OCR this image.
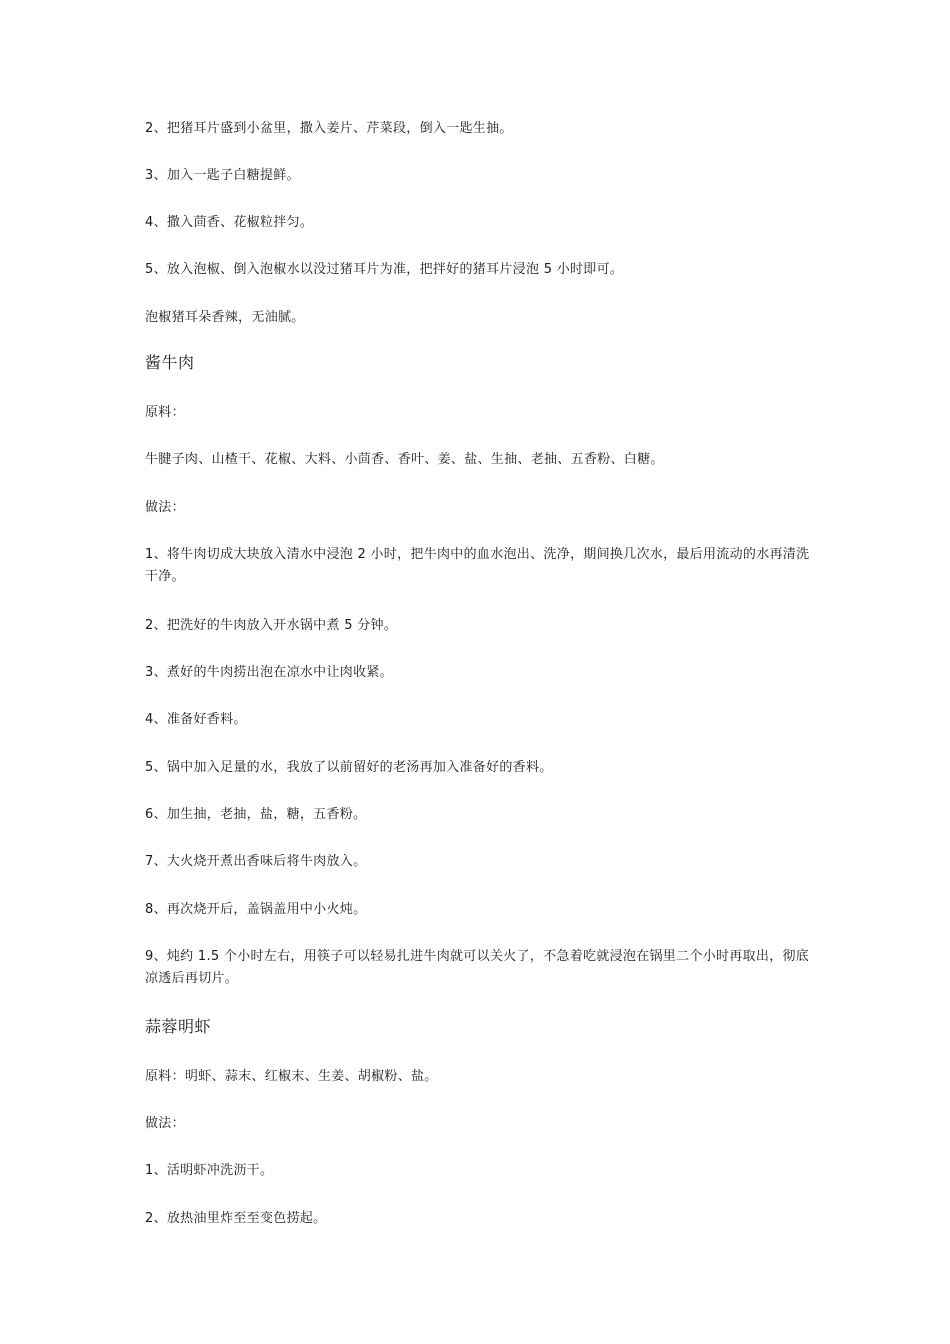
2、把猪耳片盛到小盆里，撒入姜片、芹菜段，倒入一匙生抽。
3、加入一匙子白糖提鲜。
4、撒入茴香、花椒粒拌匀。
5、放入泡椒、倒入泡椒水以没过猪耳片为准，把拌好的猪耳片浸泡 5 小时即可。
泡椒猪耳朵香辣，无油腻。
酱牛肉
原料：
牛腱子肉、山楂干、花椒、大料、小茴香、香叶、姜、盐、生抽、老抽、五香粉、白糖。
做法：
1、将牛肉切成大块放入清水中浸泡 2 小时，把牛肉中的血水泡出、洗净，期间换几次水，最后用流动的水再清洗干净。
2、把洗好的牛肉放入开水锅中煮 5 分钟。
3、煮好的牛肉捞出泡在凉水中让肉收紧。
4、准备好香料。
5、锅中加入足量的水，我放了以前留好的老汤再加入准备好的香料。
6、加生抽，老抽，盐，糖，五香粉。
7、大火烧开煮出香味后将牛肉放入。
8、再次烧开后，盖锅盖用中小火炖。
9、炖约 1.5 个小时左右，用筷子可以轻易扎进牛肉就可以关火了，不急着吃就浸泡在锅里二个小时再取出，彻底凉透后再切片。
蒜蓉明虾
原料：明虾、蒜末、红椒末、生姜、胡椒粉、盐。
做法：
1、活明虾冲洗沥干。
2、放热油里炸至至变色捞起。
